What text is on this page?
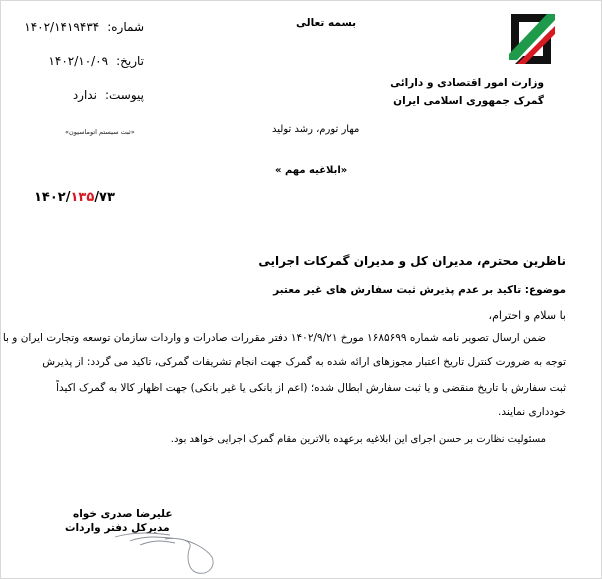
وزارت امور اقتصادی و دارائی
گمرک جمهوری اسلامی ایران
بسمه تعالی
شماره:
۱۴۰۲/۱۴۱۹۴۳۴
تاریخ:
۱۴۰۲/۱۰/۰۹
پیوست:
ندارد
«ثبت سیستم اتوماسیون»	مهار تورم، رشد تولید
«ابلاغیه مهم »
۱۴۰۲/۱۳۵/۷۳
ناظرین محترم، مدیران کل و مدیران گمرکات اجرایی
موضوع: تاکید بر عدم پذیرش ثبت سفارش های غیر معتبر
با سلام و احترام،
ضمن ارسال تصویر نامه شماره ۱۶۸۵۶۹۹ مورخ ۱۴۰۲/۹/۲۱ دفتر مقررات صادرات و واردات سازمان توسعه وتجارت ایران و با
توجه به ضرورت کنترل تاریخ اعتبار مجوزهای ارائه شده به گمرک جهت انجام تشریفات گمرکی، تاکید می گردد: از پذیرش
ثبت سفارش با تاریخ منقضی و یا ثبت سفارش ابطال شده؛ (اعم از بانکی یا غیر بانکی) جهت اظهار کالا به گمرک اکیداً
خودداری نمایند.
مسئولیت نظارت بر حسن اجرای این ابلاغیه برعهده بالاترین مقام گمرک اجرایی خواهد بود.
علیرضا صدری خواه
مدیرکل دفتر واردات
